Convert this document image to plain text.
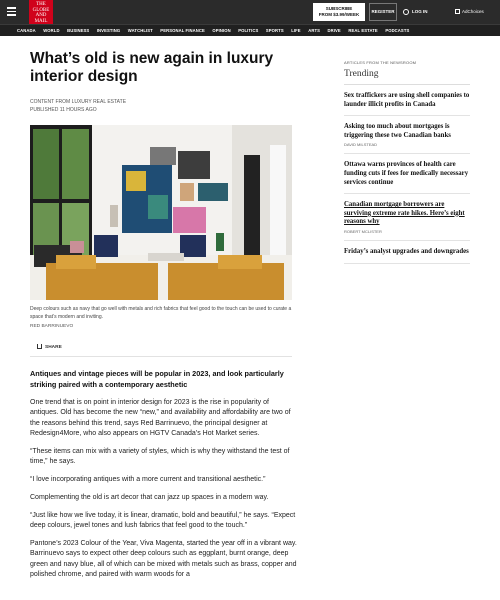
THE
GLOBE
AND
MAIL
SUBSCRIBE
FROM $3.99/WEEK
REGISTER	LOG IN	AdChoices
CANADA WORLD BUSINESS INVESTING WATCHLIST PERSONAL FINANCE OPINION POLITICS SPORTS LIFE ARTS DRIVE REAL ESTATE PODCASTS
What’s old is new again in luxury interior design
CONTENT FROM LUXURY REAL ESTATE
PUBLISHED 11 HOURS AGO
Deep colours such as navy that go well with metals and rich fabrics that feel good to the touch can be used to curate a space that’s modern and inviting.
RED BARRINUEVO
SHARE
Antiques and vintage pieces will be popular in 2023, and look particularly striking paired with a contemporary aesthetic

One trend that is on point in interior design for 2023 is the rise in popularity of antiques. Old has become the new “new,” and availability and affordability are two of the reasons behind this trend, says Red Barrinuevo, the principal designer at Redesign4More, who also appears on HGTV Canada’s Hot Market series.

“These items can mix with a variety of styles, which is why they withstand the test of time,” he says.

“I love incorporating antiques with a more current and transitional aesthetic.”

Complementing the old is art decor that can jazz up spaces in a modern way.

“Just like how we live today, it is linear, dramatic, bold and beautiful,” he says. “Expect deep colours, jewel tones and lush fabrics that feel good to the touch.”

Pantone’s 2023 Colour of the Year, Viva Magenta, started the year off in a vibrant way. Barrinuevo says to expect other deep colours such as eggplant, burnt orange, deep green and navy blue, all of which can be mixed with metals such as brass, copper and polished chrome, and paired with warm woods for a

ARTICLES FROM THE NEWSROOM
Trending
Sex traffickers are using shell companies to launder illicit profits in Canada
Asking too much about mortgages is triggering these two Canadian banks
DAVID MILSTEAD
Ottawa warns provinces of health care funding cuts if fees for medically necessary services continue
Canadian mortgage borrowers are surviving extreme rate hikes. Here’s eight reasons why
ROBERT MCLISTER
Friday’s analyst upgrades and downgrades
